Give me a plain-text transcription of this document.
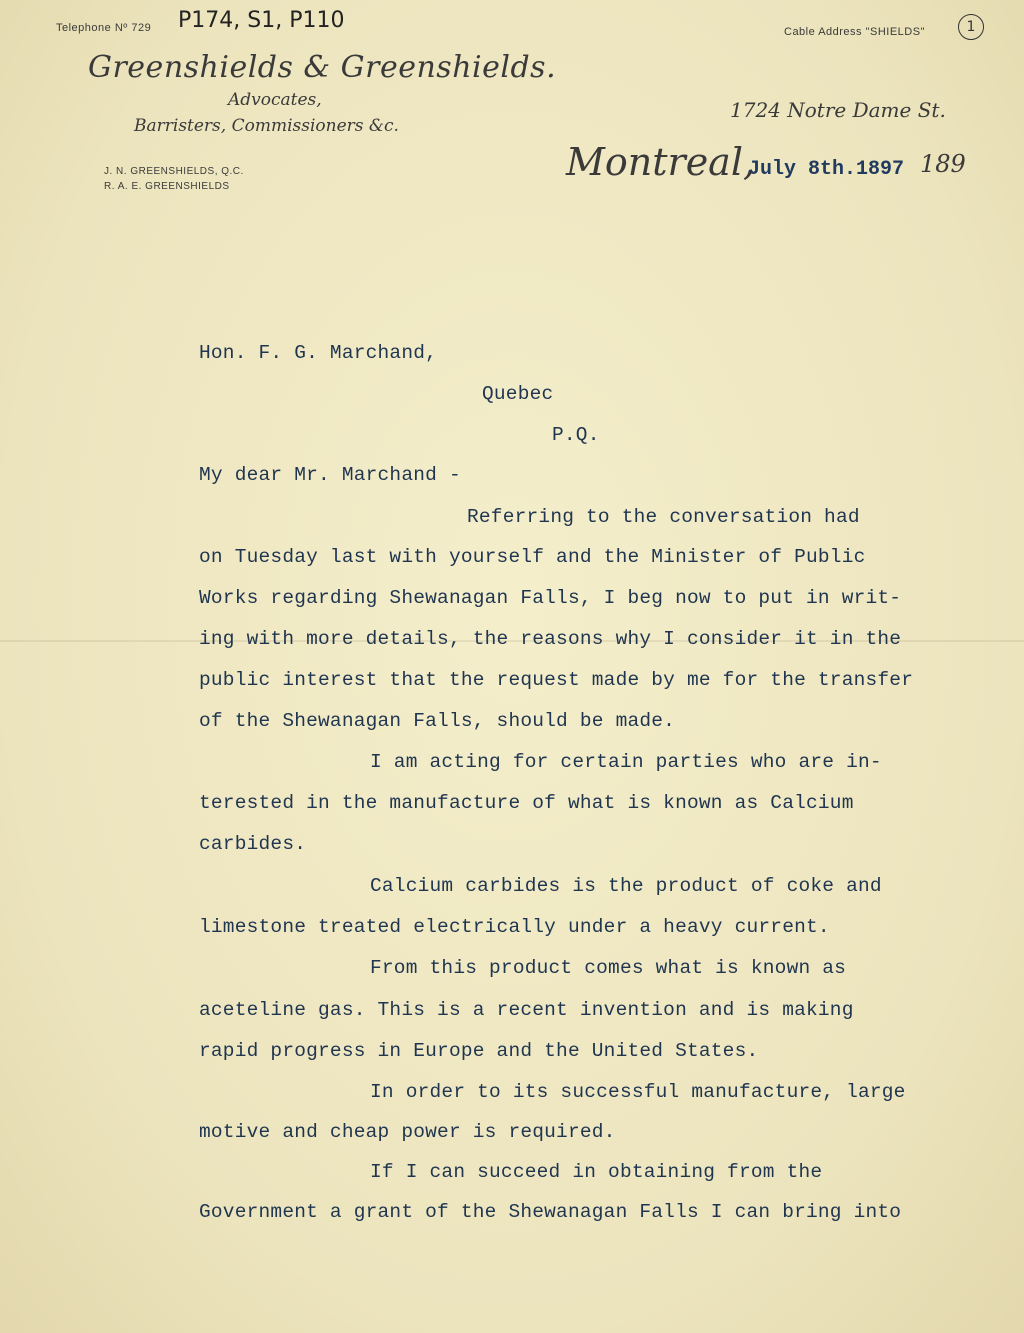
Telephone Nº 729 P174, S1, P110	Cable Address "SHIELDS"	1
Greenshields & Greenshields.
Advocates,
Barristers, Commissioners &c.
J. N. GREENSHIELDS, Q.C.
R. A. E. GREENSHIELDS
1724 Notre Dame St.
Montreal,
July 8th.1897 189
Hon. F. G. Marchand,
Quebec
P.Q.
My dear Mr. Marchand -
Referring to the conversation had
on Tuesday last with yourself and the Minister of Public
Works regarding Shewanagan Falls, I beg now to put in writ-
ing with more details, the reasons why I consider it in the
public interest that the request made by me for the transfer
of the Shewanagan Falls, should be made.
I am acting for certain parties who are in-
terested in the manufacture of what is known as Calcium
carbides.
Calcium carbides is the product of coke and
limestone treated electrically under a heavy current.
From this product comes what is known as
aceteline gas. This is a recent invention and is making
rapid progress in Europe and the United States.
In order to its successful manufacture, large
motive and cheap power is required.
If I can succeed in obtaining from the
Government a grant of the Shewanagan Falls I can bring into
